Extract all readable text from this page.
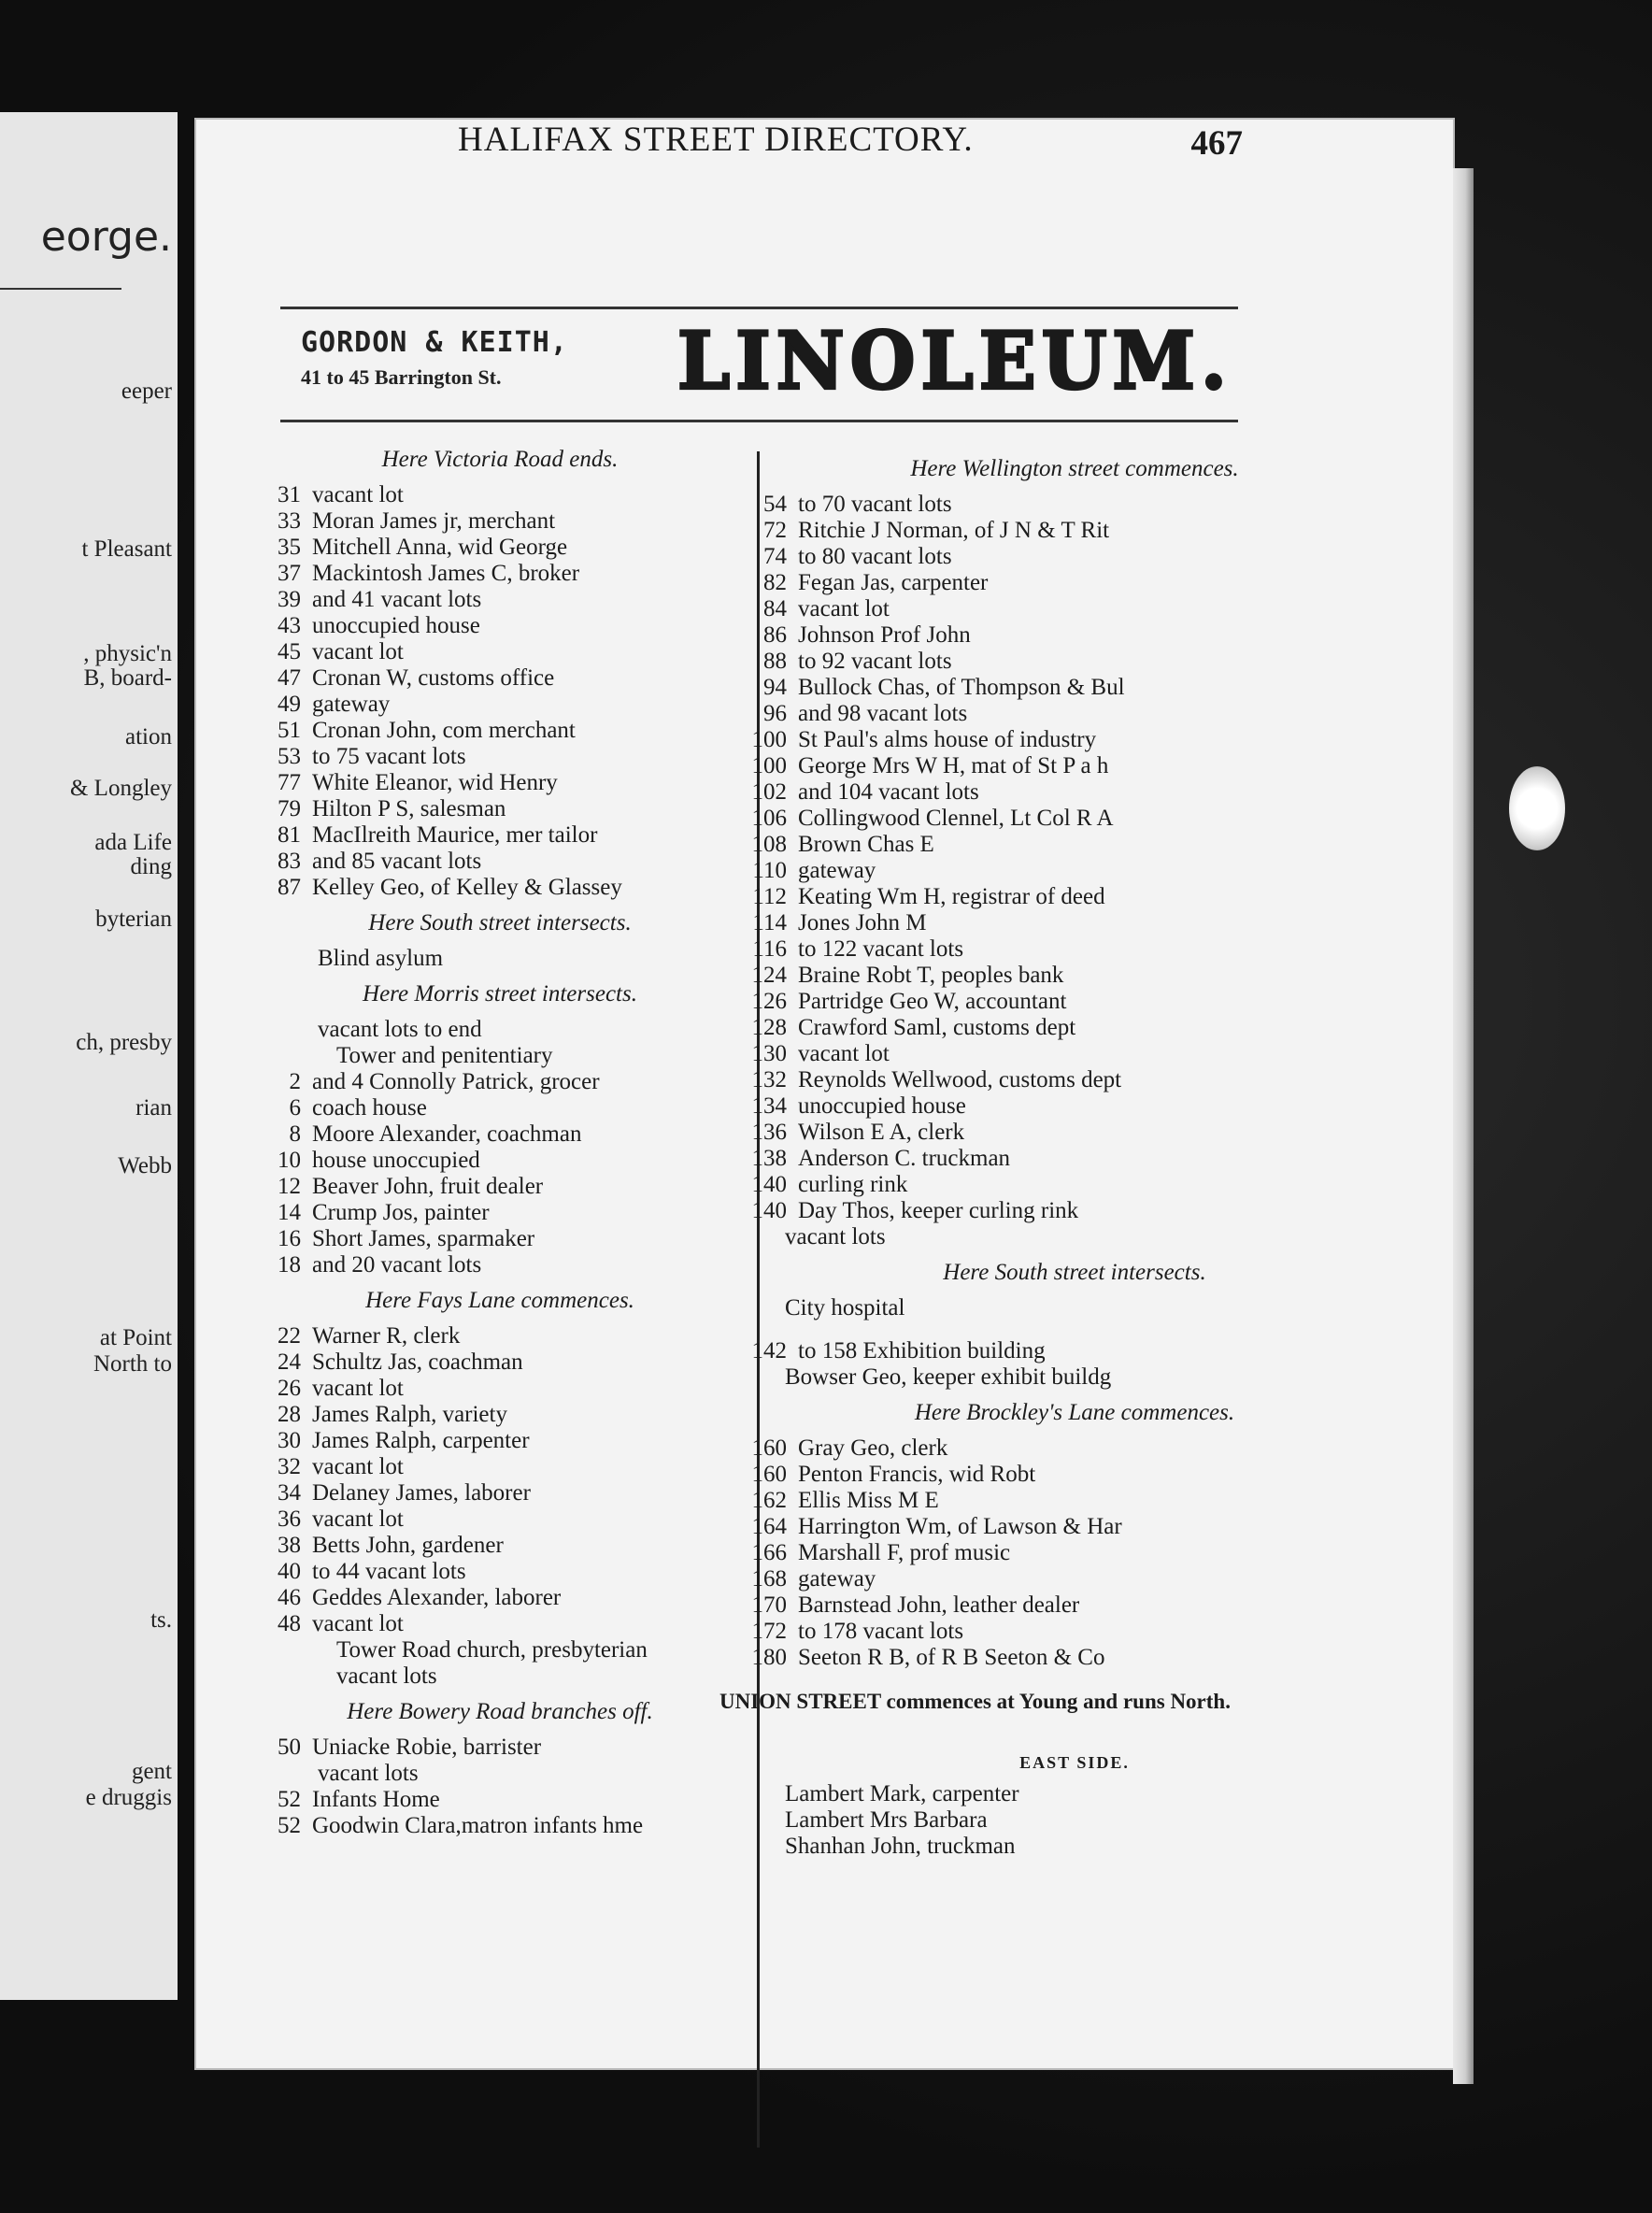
eorge.
eeper
t Pleasant
, physic'n
B, board-
ation
& Longley
ada Life
ding
byterian
ch, presby
rian
Webb
at Point
North to
ts.
gent
e druggis
HALIFAX STREET DIRECTORY.	467
GORDON & KEITH,
41 to 45 Barrington St. LINOLEUM.
Here Victoria Road ends.
31 vacant lot
33 Moran James jr, merchant
35 Mitchell Anna, wid George
37 Mackintosh James C, broker
39 and 41 vacant lots
43 unoccupied house
45 vacant lot
47 Cronan W, customs office
49 gateway
51 Cronan John, com merchant
53 to 75 vacant lots
77 White Eleanor, wid Henry
79 Hilton P S, salesman
81 MacIlreith Maurice, mer tailor
83 and 85 vacant lots
87 Kelley Geo, of Kelley & Glassey
Here South street intersects.
Blind asylum
Here Morris street intersects.
vacant lots to end
Tower and penitentiary
2 and 4 Connolly Patrick, grocer
6 coach house
8 Moore Alexander, coachman
10 house unoccupied
12 Beaver John, fruit dealer
14 Crump Jos, painter
16 Short James, sparmaker
18 and 20 vacant lots
Here Fays Lane commences.
22 Warner R, clerk
24 Schultz Jas, coachman
26 vacant lot
28 James Ralph, variety
30 James Ralph, carpenter
32 vacant lot
34 Delaney James, laborer
36 vacant lot
38 Betts John, gardener
40 to 44 vacant lots
46 Geddes Alexander, laborer
48 vacant lot
Tower Road church, presbyterian
vacant lots
Here Bowery Road branches off.
50 Uniacke Robie, barrister
vacant lots
52 Infants Home
52 Goodwin Clara,matron infants hme
Here Wellington street commences.
54 to 70 vacant lots
72 Ritchie J Norman, of J N & T Rit
74 to 80 vacant lots
82 Fegan Jas, carpenter
84 vacant lot
86 Johnson Prof John
88 to 92 vacant lots
94 Bullock Chas, of Thompson & Bul
96 and 98 vacant lots
100 St Paul's alms house of industry
100 George Mrs W H, mat of St P a h
102 and 104 vacant lots
106 Collingwood Clennel, Lt Col R A
108 Brown Chas E
110 gateway
112 Keating Wm H, registrar of deed
114 Jones John M
116 to 122 vacant lots
124 Braine Robt T, peoples bank
126 Partridge Geo W, accountant
128 Crawford Saml, customs dept
130 vacant lot
132 Reynolds Wellwood, customs dept
134 unoccupied house
136 Wilson E A, clerk
138 Anderson C. truckman
140 curling rink
140 Day Thos, keeper curling rink
vacant lots
Here South street intersects.
City hospital
142 to 158 Exhibition building
Bowser Geo, keeper exhibit buildg
Here Brockley's Lane commences.
160 Gray Geo, clerk
160 Penton Francis, wid Robt
162 Ellis Miss M E
164 Harrington Wm, of Lawson & Har
166 Marshall F, prof music
168 gateway
170 Barnstead John, leather dealer
172 to 178 vacant lots
180 Seeton R B, of R B Seeton & Co
UNION STREET commences at Young and runs North.
EAST SIDE.
Lambert Mark, carpenter
Lambert Mrs Barbara
Shanhan John, truckman
